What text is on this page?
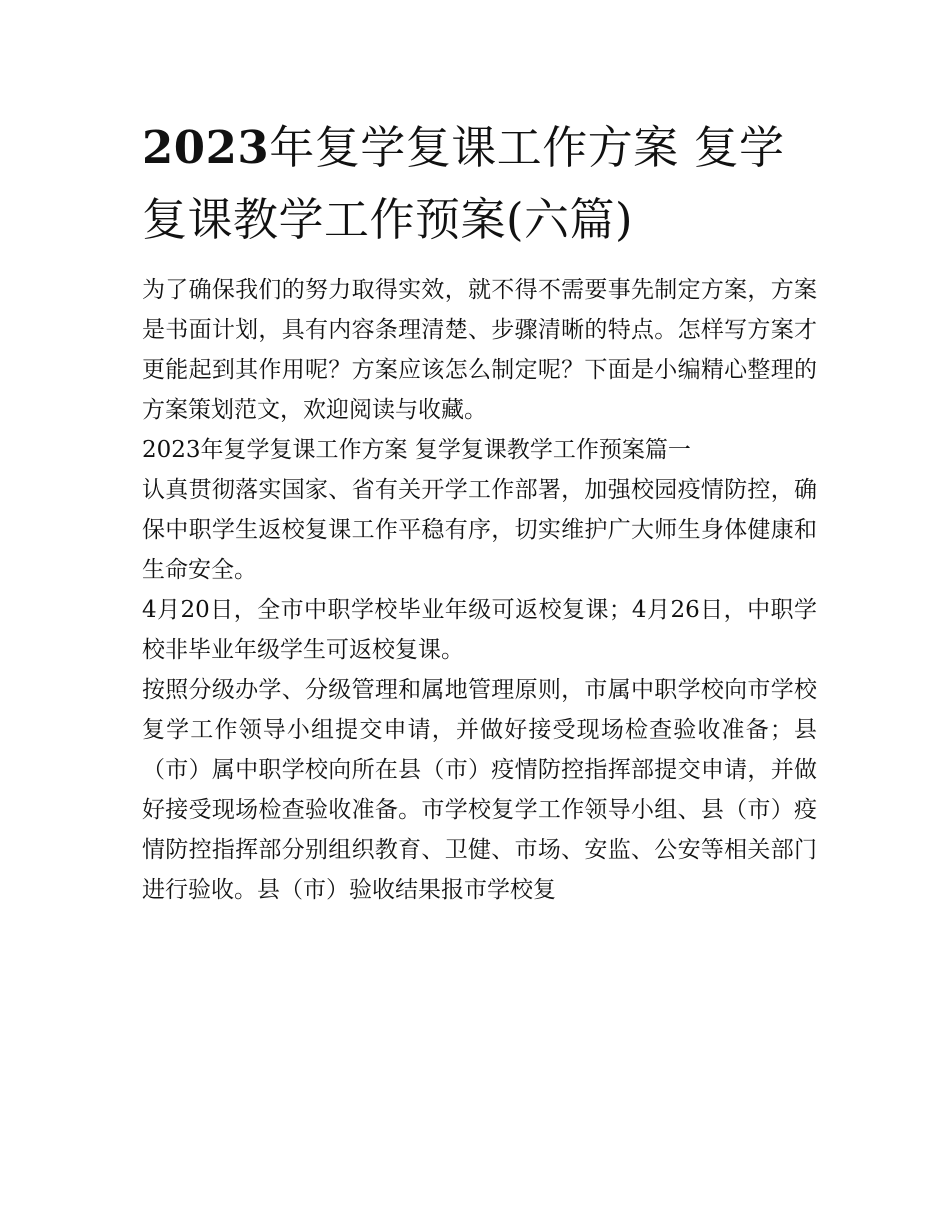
2023年复学复课工作方案 复学复课教学工作预案(六篇)

为了确保我们的努力取得实效，就不得不需要事先制定方案，方案是书面计划，具有内容条理清楚、步骤清晰的特点。怎样写方案才更能起到其作用呢？方案应该怎么制定呢？下面是小编精心整理的方案策划范文，欢迎阅读与收藏。

2023年复学复课工作方案 复学复课教学工作预案篇一

认真贯彻落实国家、省有关开学工作部署，加强校园疫情防控，确保中职学生返校复课工作平稳有序，切实维护广大师生身体健康和生命安全。

4月20日，全市中职学校毕业年级可返校复课；4月26日，中职学校非毕业年级学生可返校复课。

按照分级办学、分级管理和属地管理原则，市属中职学校向市学校复学工作领导小组提交申请，并做好接受现场检查验收准备；县（市）属中职学校向所在县（市）疫情防控指挥部提交申请，并做好接受现场检查验收准备。市学校复学工作领导小组、县（市）疫情防控指挥部分别组织教育、卫健、市场、安监、公安等相关部门进行验收。县（市）验收结果报市学校复
